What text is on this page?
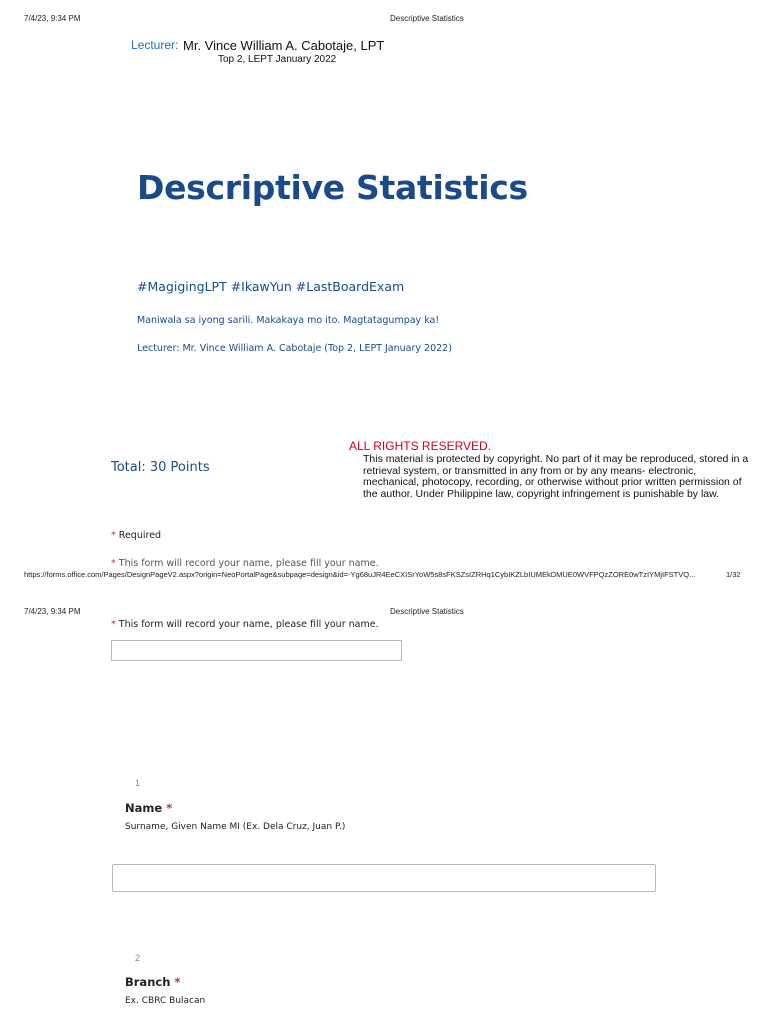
7/4/23, 9:34 PM	Descriptive Statistics
Lecturer: Mr. Vince William A. Cabotaje, LPT
Top 2, LEPT January 2022
Descriptive Statistics
#MagigingLPT #IkawYun #LastBoardExam
Maniwala sa iyong sarili. Makakaya mo ito. Magtatagumpay ka!
Lecturer: Mr. Vince William A. Cabotaje (Top 2, LEPT January 2022)
ALL RIGHTS RESERVED.
Total: 30 Points
This material is protected by copyright. No part of it may be reproduced, stored in a retrieval system, or transmitted in any from or by any means- electronic, mechanical, photocopy, recording, or otherwise without prior written permission of the author. Under Philippine law, copyright infringement is punishable by law.
* Required
* This form will record your name, please fill your name.
https://forms.office.com/Pages/DesignPageV2.aspx?origin=NeoPortalPage&subpage=design&id=-Yg68uJR4EeCXISrYoW5s8sFKSZsIZRHq1CybIKZLbIUMEkDMUE0WVFPQzZORE0wTzIYMjIFSTVQ...	1/32
7/4/23, 9:34 PM	Descriptive Statistics
* This form will record your name, please fill your name.
1
Name *
Surname, Given Name MI (Ex. Dela Cruz, Juan P.)
2
Branch *
Ex. CBRC Bulacan
